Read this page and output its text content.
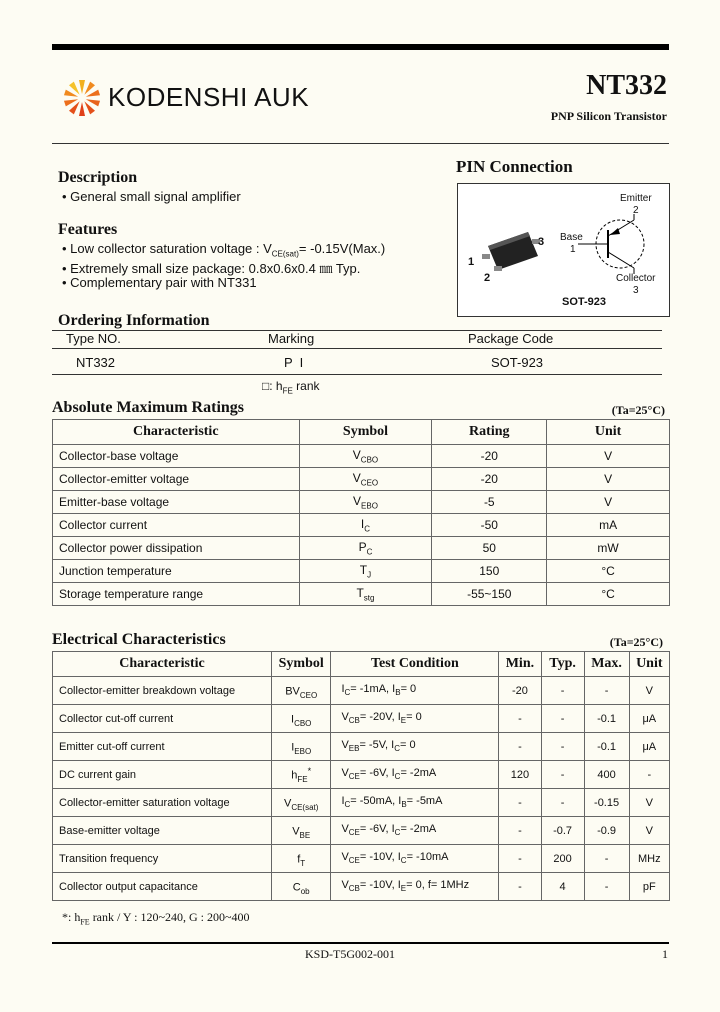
KODENSHI AUK	NT332
PNP Silicon Transistor
Description
• General small signal amplifier
Features
• Low collector saturation voltage : $V_{CE(sat)}= -0.15V(Max.)$
• Extremely small size package: 0.8x0.6x0.4 ㎜ Typ.
• Complementary pair with NT331
PIN Connection
1
2
3
Emitter
2
Base
1
Collector
3
SOT-923
Ordering Information
Type NO.	Marking	Package Code
NT332	P  I	SOT-923
□: $h_{FE}$ rank
Absolute Maximum Ratings	(Ta=25°C)
Characteristic	Symbol	Rating	Unit
Collector-base voltage	$V_{CBO}$	-20	V
Collector-emitter voltage	$V_{CEO}$	-20	V
Emitter-base voltage	$V_{EBO}$	-5	V
Collector current	$I_C$	-50	mA
Collector power dissipation	$P_C$	50	mW
Junction temperature	$T_J$	150	°C
Storage temperature range	$T_{stg}$	-55~150	°C
Electrical Characteristics	(Ta=25°C)
Characteristic	Symbol	Test Condition	Min.	Typ.	Max.	Unit
Collector-emitter breakdown voltage	$BV_{CEO}$	$I_C= -1mA$, $I_B= 0$	-20	-	-	V
Collector cut-off current	$I_{CBO}$	$V_{CB}= -20V$, $I_E= 0$	-	-	-0.1	μA
Emitter cut-off current	$I_{EBO}$	$V_{EB}= -5V$, $I_C= 0$	-	-	-0.1	μA
DC current gain	$h_{FE}^*$	$V_{CE}= -6V$, $I_C= -2mA$	120	-	400	-
Collector-emitter saturation voltage	$V_{CE(sat)}$	$I_C= -50mA$, $I_B= -5mA$	-	-	-0.15	V
Base-emitter voltage	$V_{BE}$	$V_{CE}= -6V$, $I_C= -2mA$	-	-0.7	-0.9	V
Transition frequency	$f_T$	$V_{CE}= -10V$, $I_C= -10mA$	-	200	-	MHz
Collector output capacitance	$C_{ob}$	$V_{CB}= -10V$, $I_E= 0$, f= 1MHz	-	4	-	pF
*: $h_{FE}$ rank / Y : 120~240, G : 200~400
KSD-T5G002-001	1
